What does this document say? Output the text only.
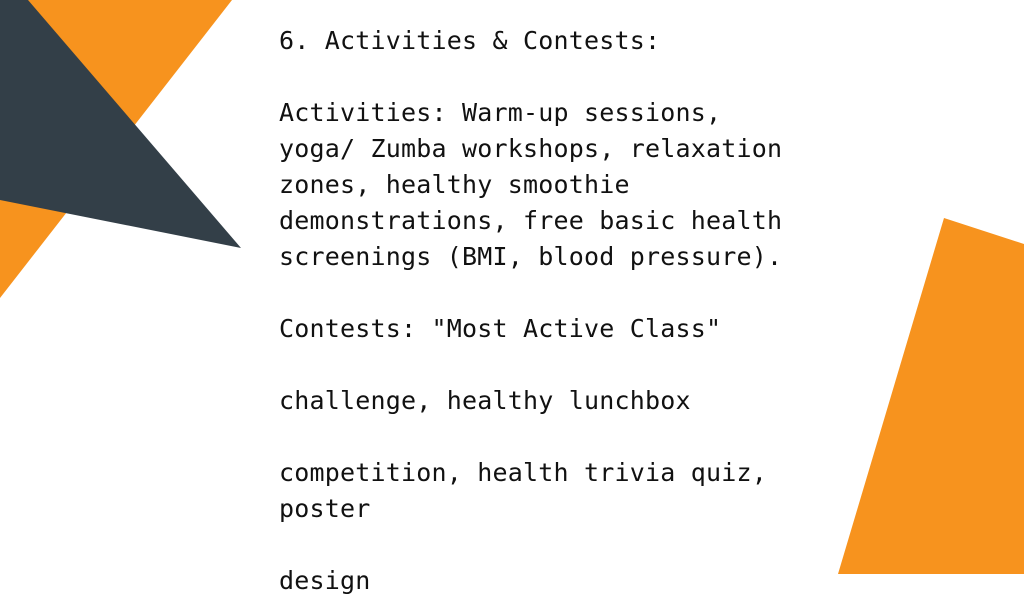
6. Activities & Contests:
Activities: Warm-up sessions,
yoga/ Zumba workshops, relaxation
zones, healthy smoothie
demonstrations, free basic health
screenings (BMI, blood pressure).
Contests: "Most Active Class"
challenge, healthy lunchbox
competition, health trivia quiz,
poster
design
